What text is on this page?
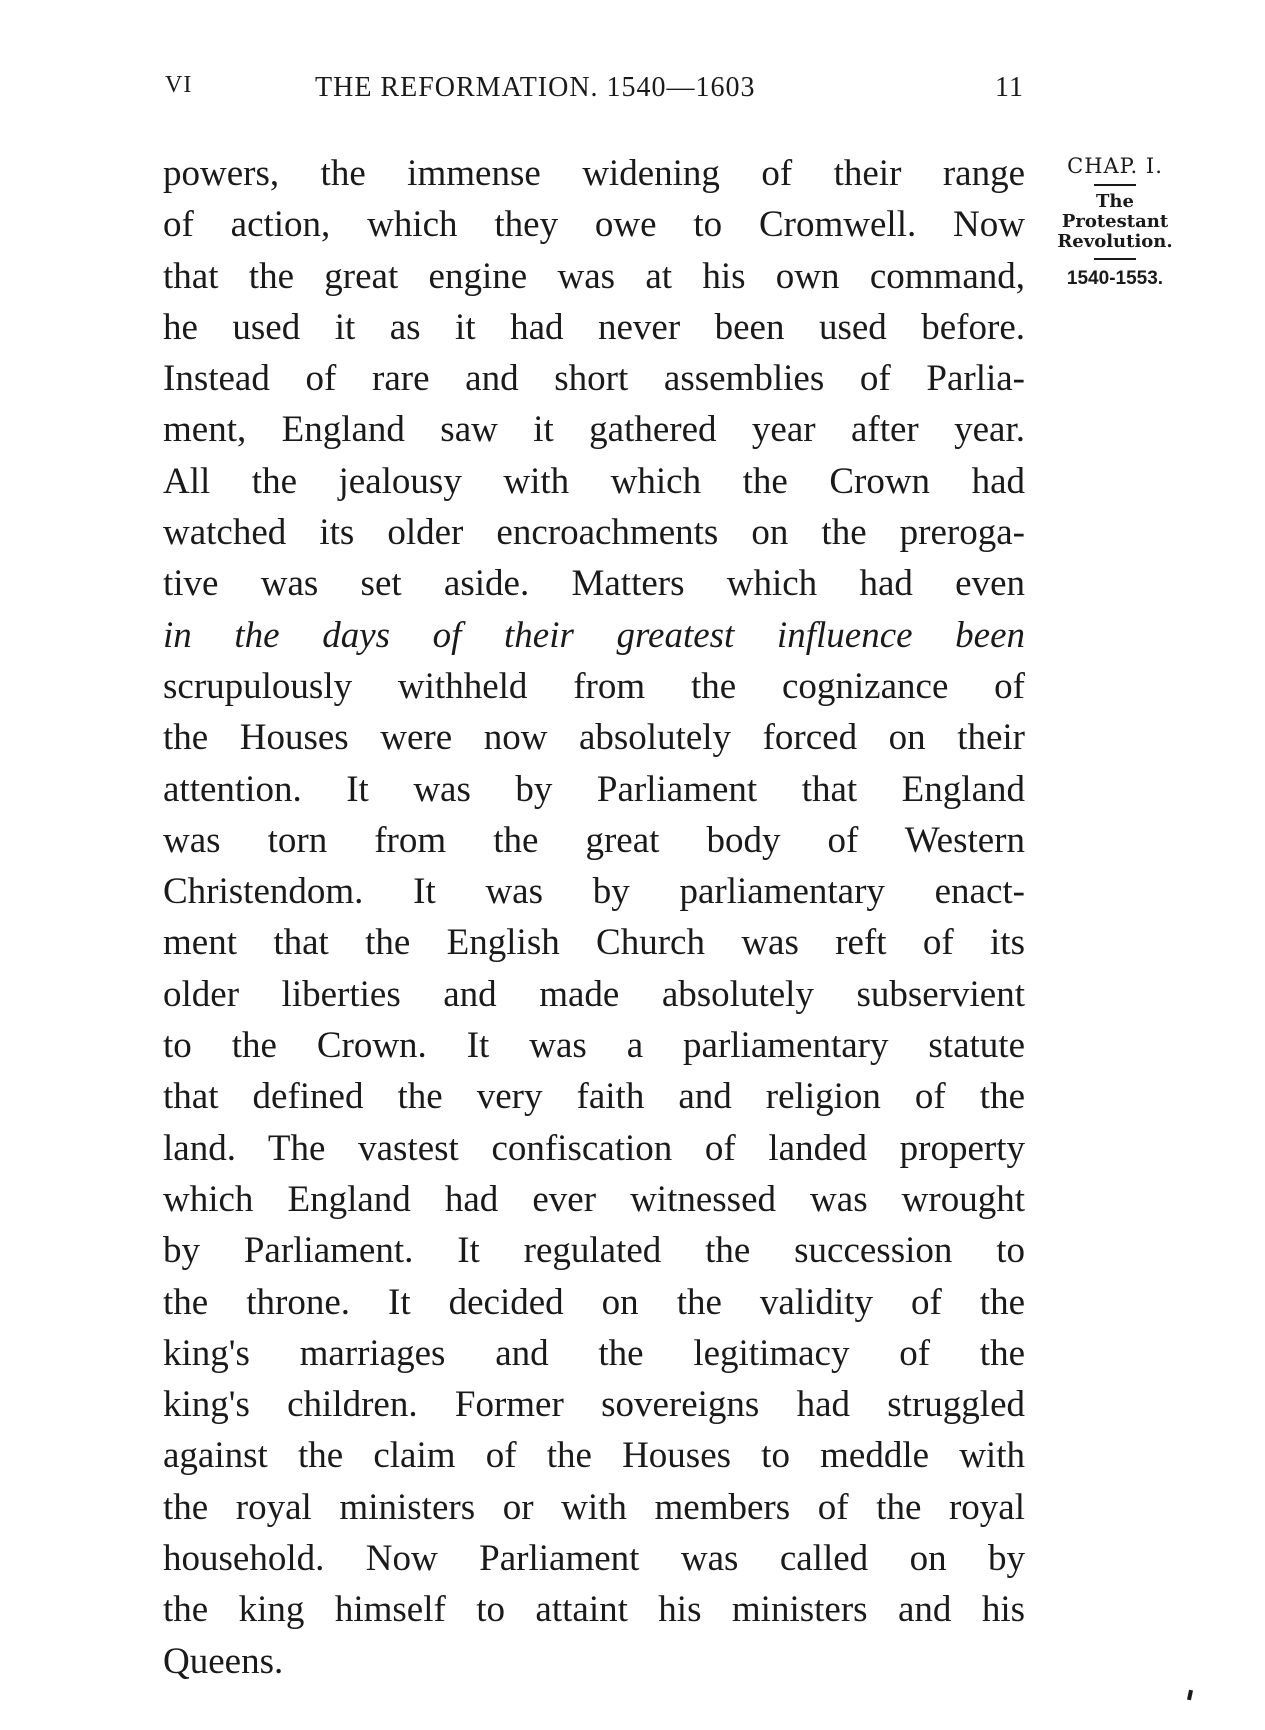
VI	THE REFORMATION. 1540—1603	11
powers, the immense widening of their range
of action, which they owe to Cromwell. Now
that the great engine was at his own command,
he used it as it had never been used before.
Instead of rare and short assemblies of Parlia-
ment, England saw it gathered year after year.
All the jealousy with which the Crown had
watched its older encroachments on the preroga-
tive was set aside. Matters which had even
in the days of their greatest influence been
scrupulously withheld from the cognizance of
the Houses were now absolutely forced on their
attention. It was by Parliament that England
was torn from the great body of Western
Christendom. It was by parliamentary enact-
ment that the English Church was reft of its
older liberties and made absolutely subservient
to the Crown. It was a parliamentary statute
that defined the very faith and religion of the
land. The vastest confiscation of landed property
which England had ever witnessed was wrought
by Parliament. It regulated the succession to
the throne. It decided on the validity of the
king's marriages and the legitimacy of the
king's children. Former sovereigns had struggled
against the claim of the Houses to meddle with
the royal ministers or with members of the royal
household. Now Parliament was called on by
the king himself to attaint his ministers and his
Queens.
CHAP. I.
The
Protestant
Revolution.
1540-1553.
